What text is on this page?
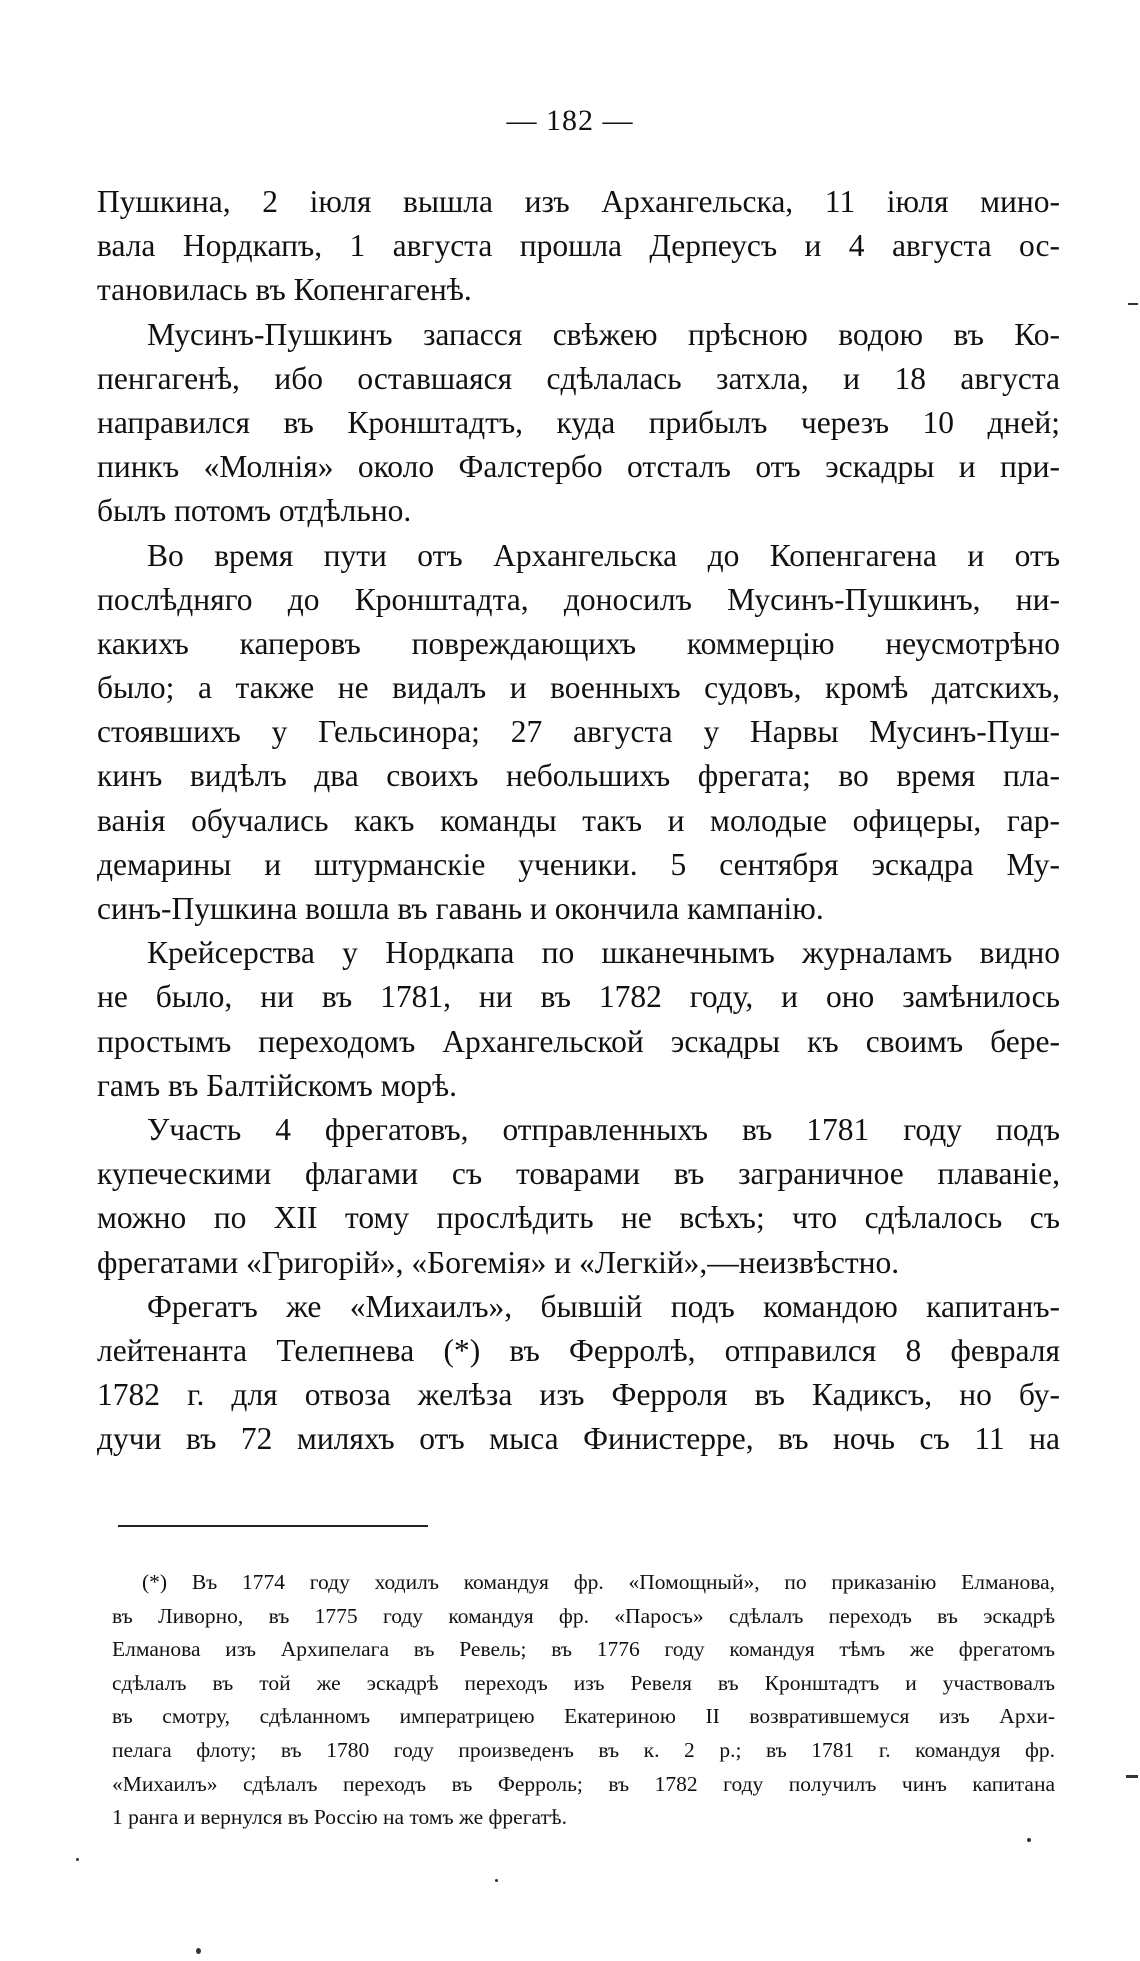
— 182 —
Пушкина, 2 іюля вышла изъ Архангельска, 11 іюля мино-
вала Нордкапъ, 1 августа прошла Дерпеусъ и 4 августа ос-
тановилась въ Копенгагенѣ.
Мусинъ-Пушкинъ запасся свѣжею прѣсною водою въ Ко-
пенгагенѣ, ибо оставшаяся сдѣлалась затхла, и 18 августа
направился въ Кронштадтъ, куда прибылъ черезъ 10 дней;
пинкъ «Молнія» около Фалстербо отсталъ отъ эскадры и при-
былъ потомъ отдѣльно.
Во время пути отъ Архангельска до Копенгагена и отъ
послѣдняго до Кронштадта, доносилъ Мусинъ-Пушкинъ, ни-
какихъ каперовъ повреждающихъ коммерцію неусмотрѣно
было; а также не видалъ и военныхъ судовъ, кромѣ датскихъ,
стоявшихъ у Гельсинора; 27 августа у Нарвы Мусинъ-Пуш-
кинъ видѣлъ два своихъ небольшихъ фрегата; во время пла-
ванія обучались какъ команды такъ и молодые офицеры, гар-
демарины и штурманскіе ученики. 5 сентября эскадра Му-
синъ-Пушкина вошла въ гавань и окончила кампанію.
Крейсерства у Нордкапа по шканечнымъ журналамъ видно
не было, ни въ 1781, ни въ 1782 году, и оно замѣнилось
простымъ переходомъ Архангельской эскадры къ своимъ бере-
гамъ въ Балтійскомъ морѣ.
Участь 4 фрегатовъ, отправленныхъ въ 1781 году подъ
купеческими флагами съ товарами въ заграничное плаваніе,
можно по XII тому прослѣдить не всѣхъ; что сдѣлалось съ
фрегатами «Григорій», «Богемія» и «Легкій»,—неизвѣстно.
Фрегатъ же «Михаилъ», бывшій подъ командою капитанъ-
лейтенанта Телепнева (*) въ Ферролѣ, отправился 8 февраля
1782 г. для отвоза желѣза изъ Ферроля въ Кадиксъ, но бу-
дучи въ 72 миляхъ отъ мыса Финистерре, въ ночь съ 11 на
(*) Въ 1774 году ходилъ командуя фр. «Помощный», по приказанію Елманова,
въ Ливорно, въ 1775 году командуя фр. «Паросъ» сдѣлалъ переходъ въ эскадрѣ
Елманова изъ Архипелага въ Ревель; въ 1776 году командуя тѣмъ же фрегатомъ
сдѣлалъ въ той же эскадрѣ переходъ изъ Ревеля въ Кронштадтъ и участвовалъ
въ смотру, сдѣланномъ императрицею Екатериною II возвратившемуся изъ Архи-
пелага флоту; въ 1780 году произведенъ въ к. 2 р.; въ 1781 г. командуя фр.
«Михаилъ» сдѣлалъ переходъ въ Ферроль; въ 1782 году получилъ чинъ капитана
1 ранга и вернулся въ Россію на томъ же фрегатѣ.
